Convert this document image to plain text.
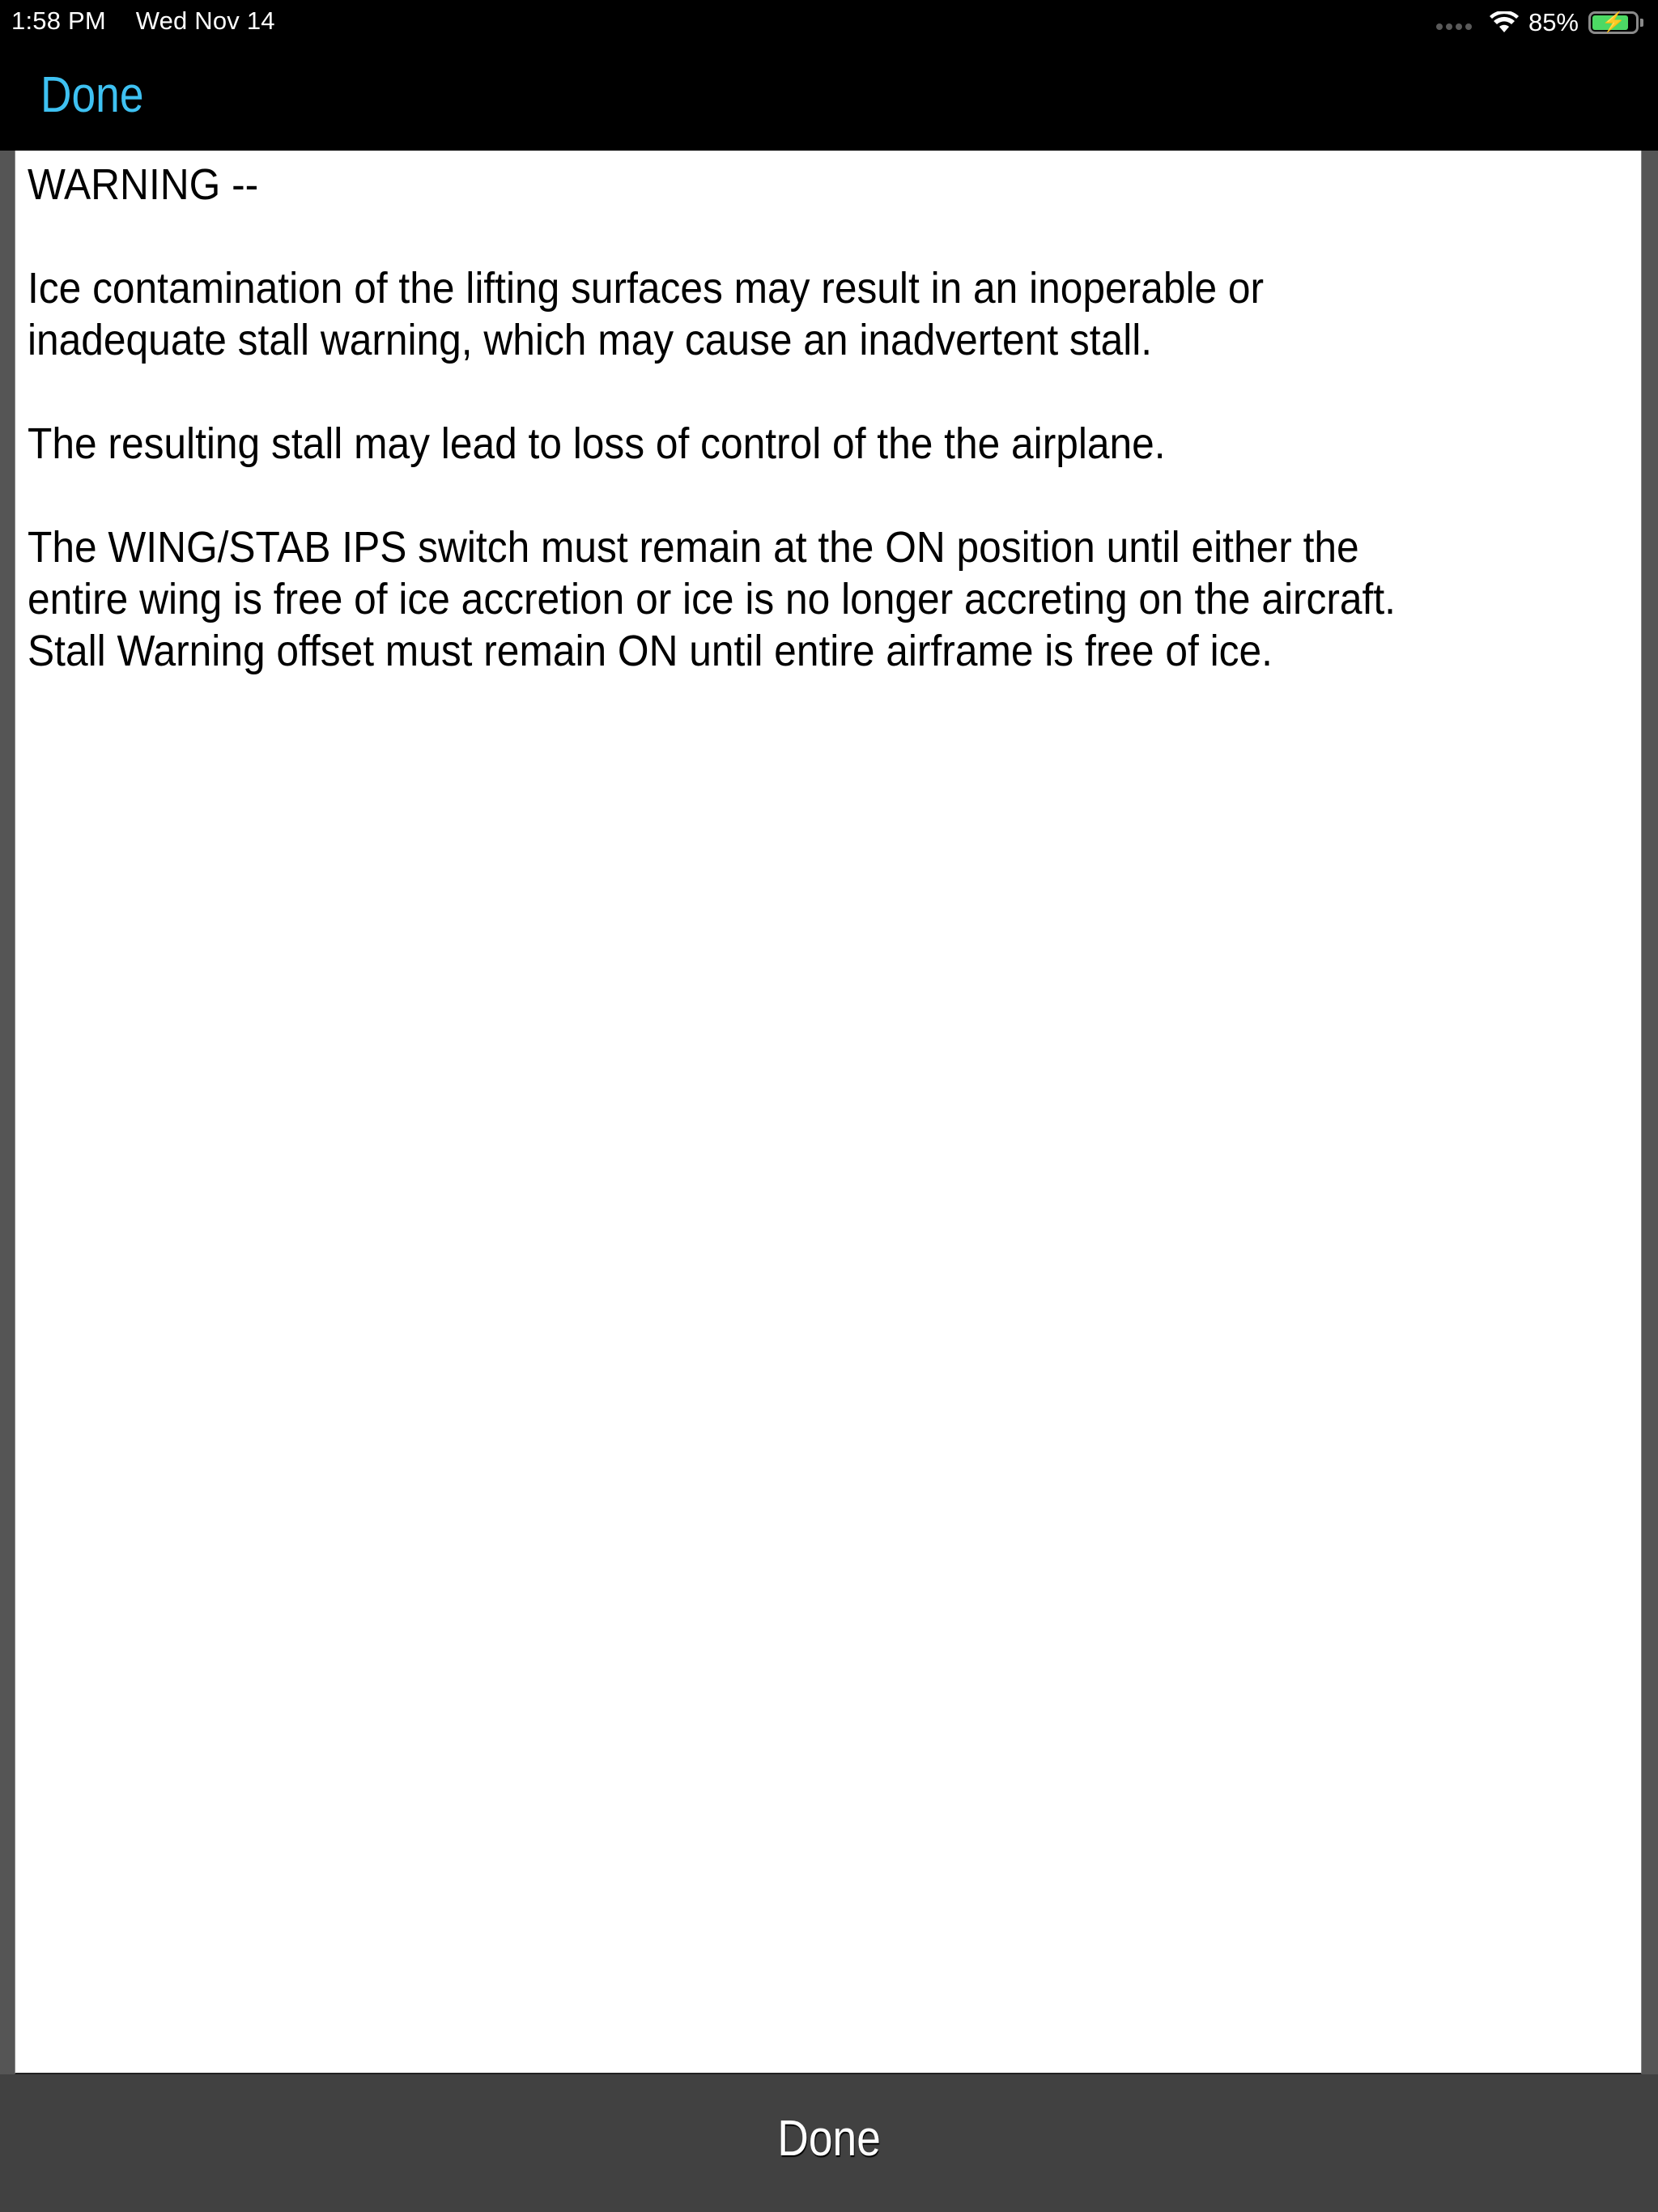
1:58 PM Wed Nov 14	85%	⚡
Done

WARNING --

Ice contamination of the lifting surfaces may result in an inoperable or
inadequate stall warning, which may cause an inadvertent stall.

The resulting stall may lead to loss of control of the the airplane.

The WING/STAB IPS switch must remain at the ON position until either the
entire wing is free of ice accretion or ice is no longer accreting on the aircraft.
Stall Warning offset must remain ON until entire airframe is free of ice.

Done
